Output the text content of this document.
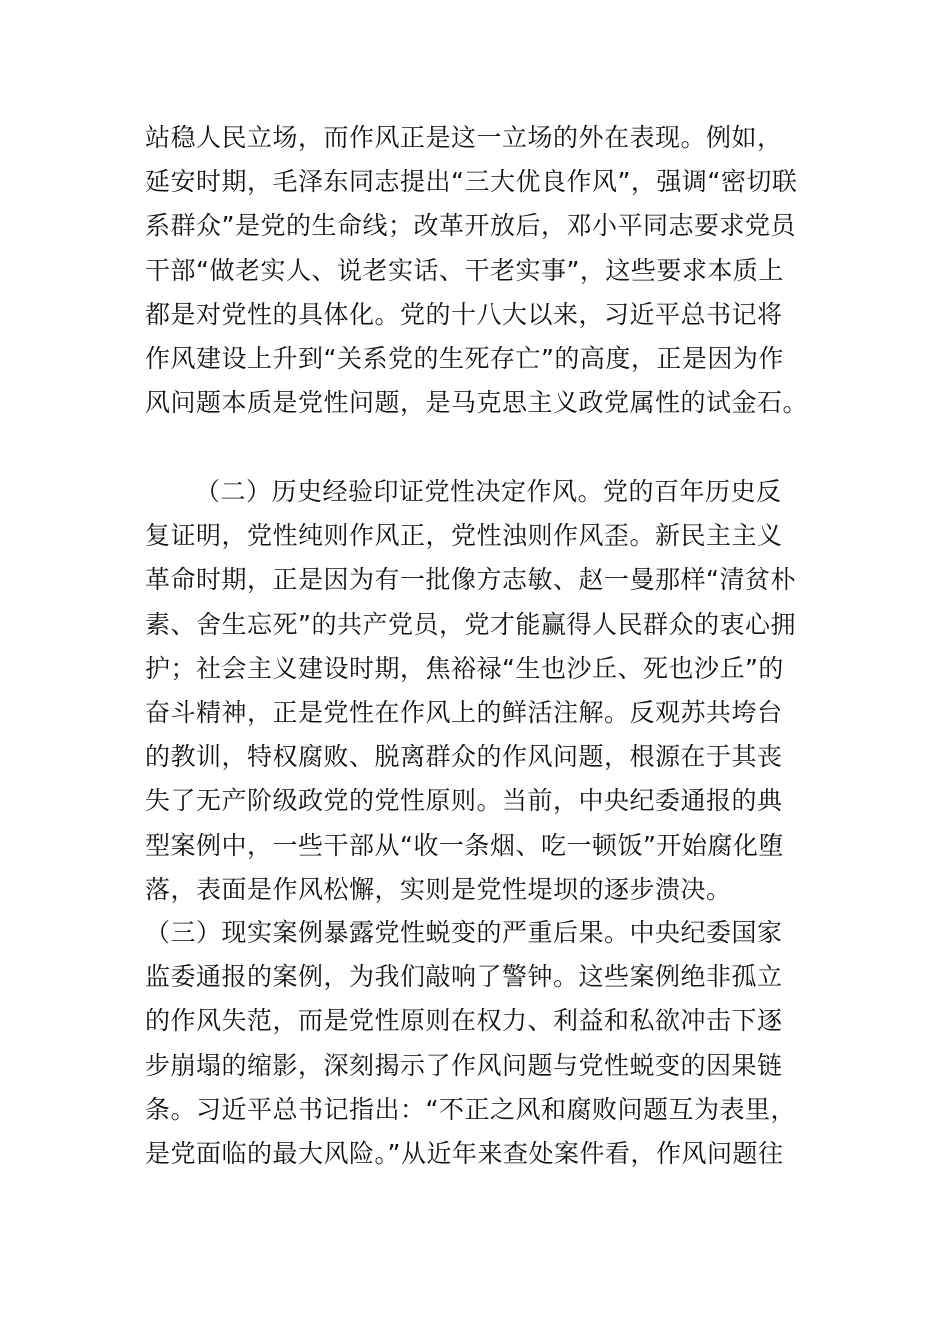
站稳人民立场，而作风正是这一立场的外在表现。例如，
延安时期，毛泽东同志提出“三大优良作风”，强调“密切联
系群众”是党的生命线；改革开放后，邓小平同志要求党员
干部“做老实人、说老实话、干老实事”，这些要求本质上
都是对党性的具体化。党的十八大以来，习近平总书记将
作风建设上升到“关系党的生死存亡”的高度，正是因为作
风问题本质是党性问题，是马克思主义政党属性的试金石。
（二）历史经验印证党性决定作风。党的百年历史反
复证明，党性纯则作风正，党性浊则作风歪。新民主主义
革命时期，正是因为有一批像方志敏、赵一曼那样“清贫朴
素、舍生忘死”的共产党员，党才能赢得人民群众的衷心拥
护；社会主义建设时期，焦裕禄“生也沙丘、死也沙丘”的
奋斗精神，正是党性在作风上的鲜活注解。反观苏共垮台
的教训，特权腐败、脱离群众的作风问题，根源在于其丧
失了无产阶级政党的党性原则。当前，中央纪委通报的典
型案例中，一些干部从“收一条烟、吃一顿饭”开始腐化堕
落，表面是作风松懈，实则是党性堤坝的逐步溃决。
（三）现实案例暴露党性蜕变的严重后果。中央纪委国家
监委通报的案例，为我们敲响了警钟。这些案例绝非孤立
的作风失范，而是党性原则在权力、利益和私欲冲击下逐
步崩塌的缩影，深刻揭示了作风问题与党性蜕变的因果链
条。习近平总书记指出：“不正之风和腐败问题互为表里，
是党面临的最大风险。”从近年来查处案件看，作风问题往
